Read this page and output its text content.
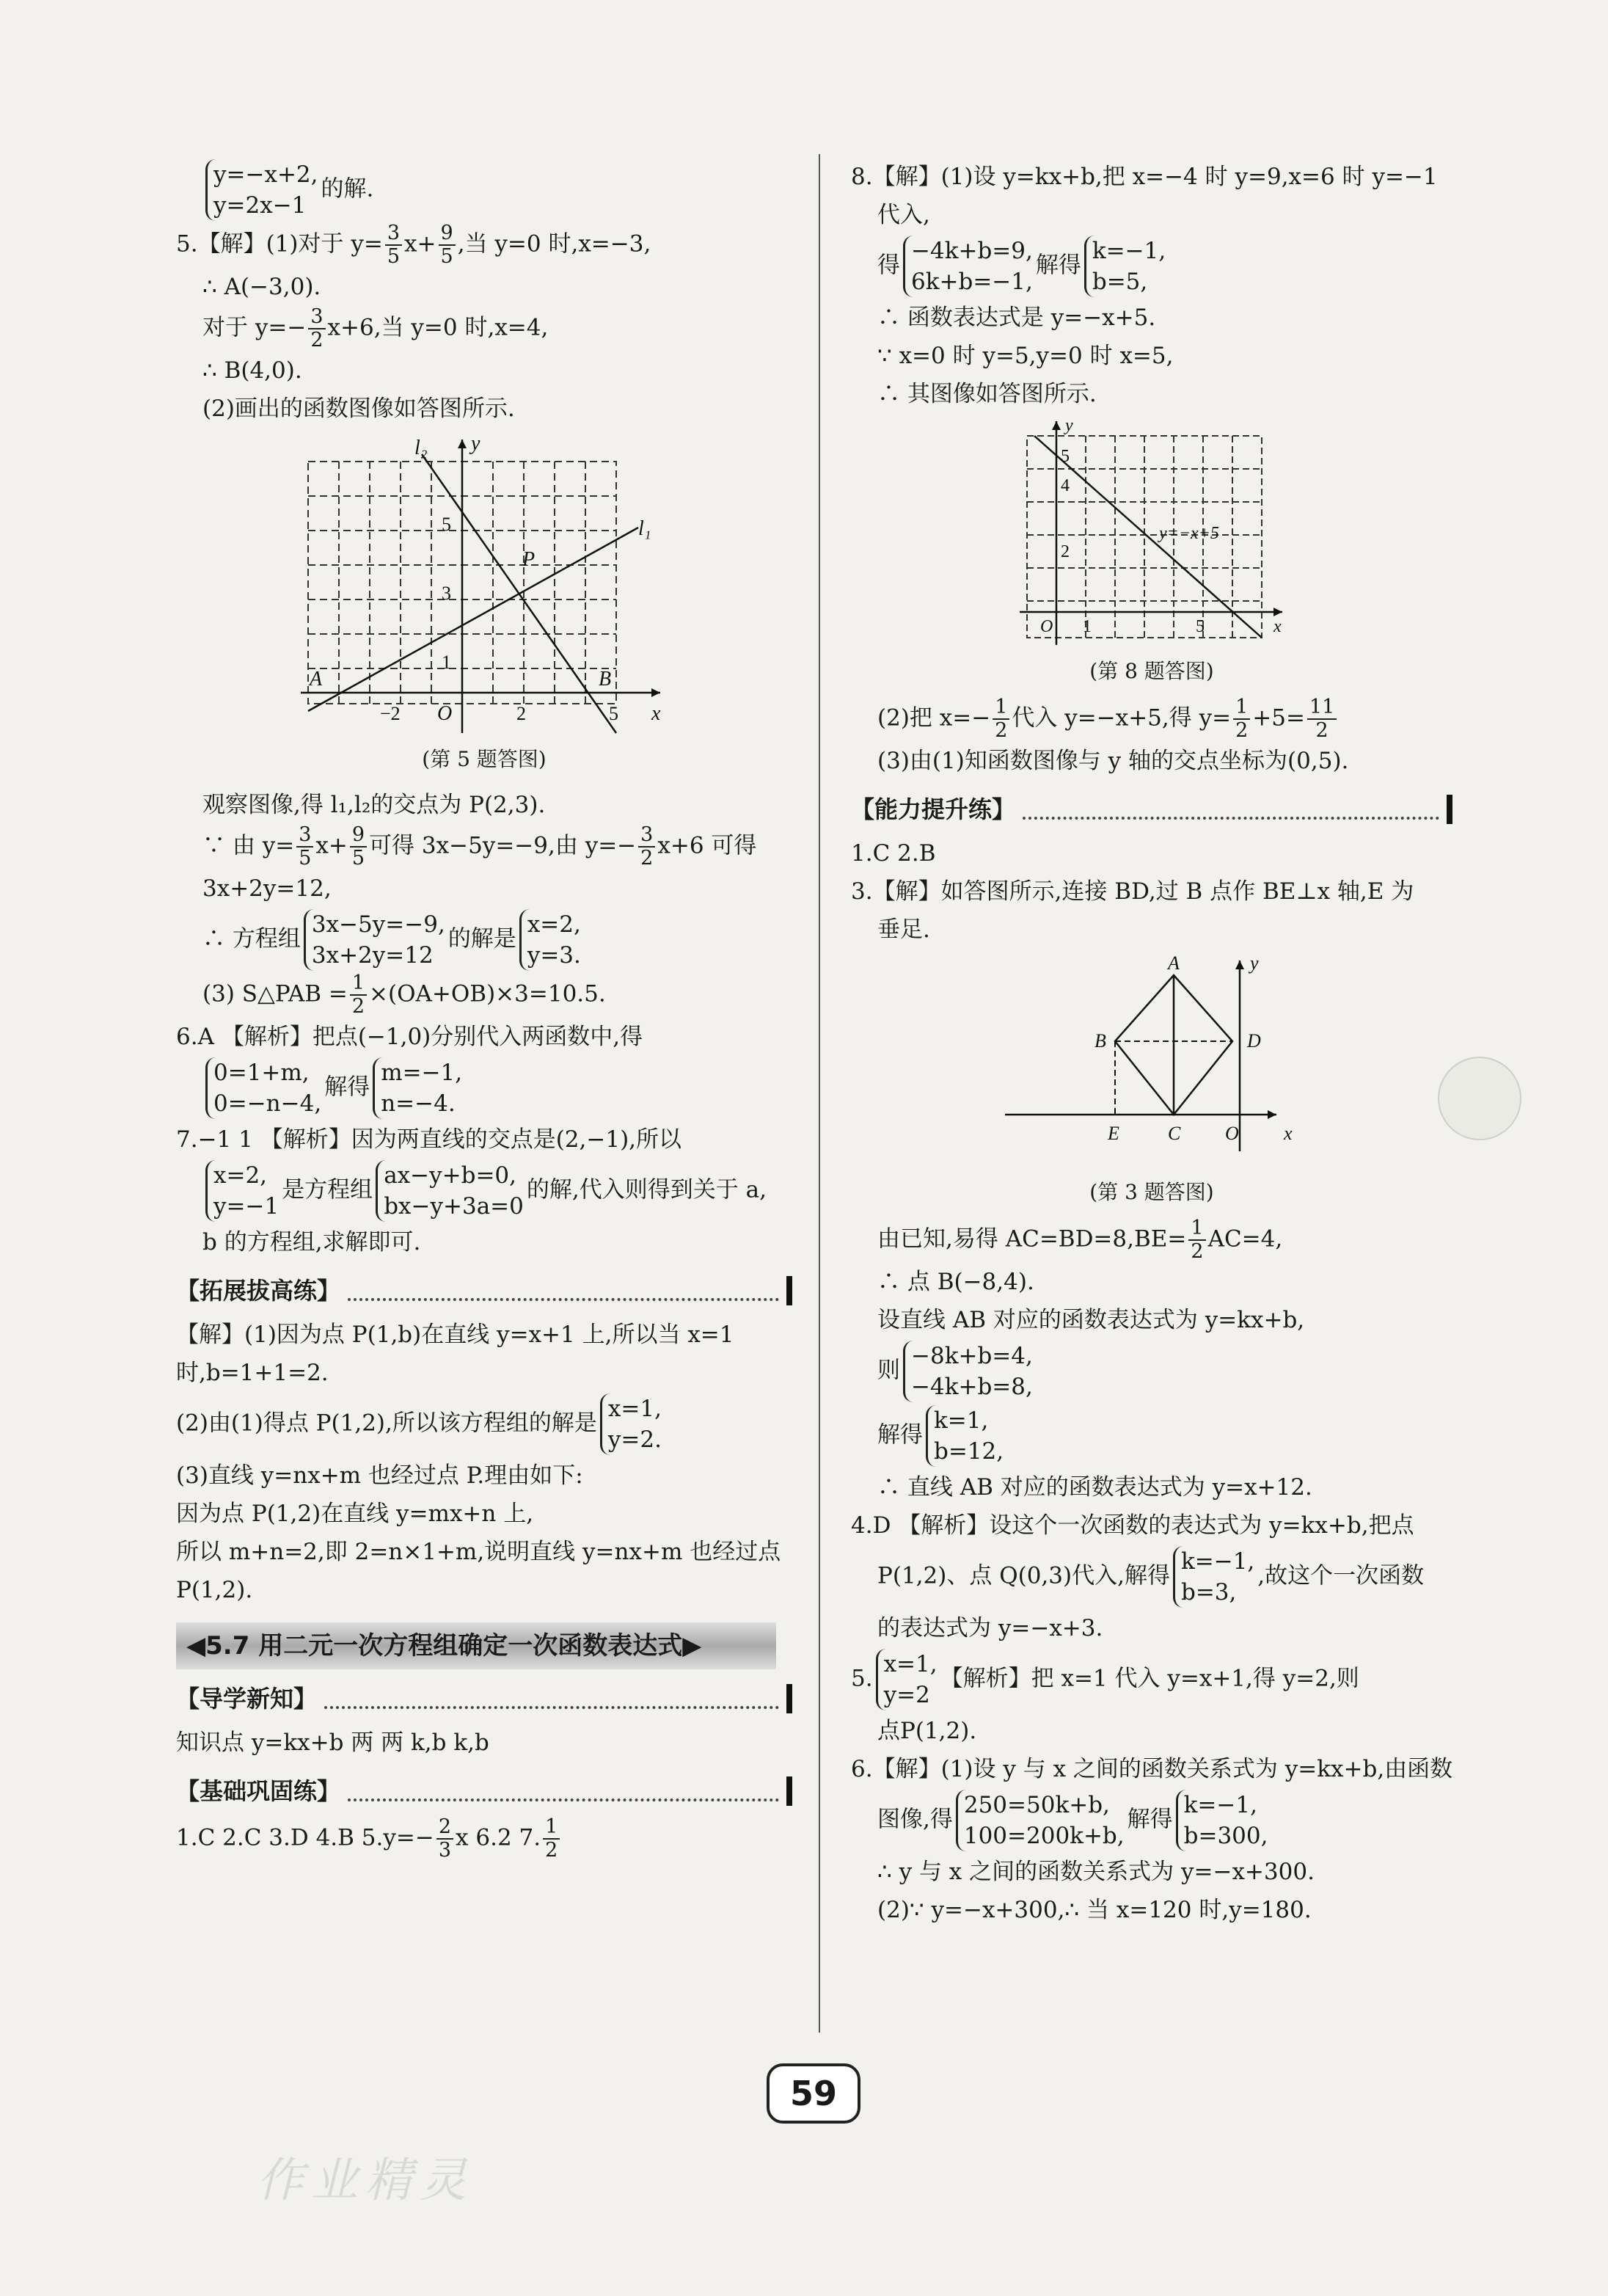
y=−x+2,
y=2x−1
的解.

5.【解】(1)对于 $y= \frac{3}{5} x+ \frac{9}{5}$ ,当 y=0 时,x=−3,

∴ A(−3,0).

对于 $y=- \frac{3}{2} x+6$,当 y=0 时,x=4,

∴ B(4,0).

(2)画出的函数图像如答图所示.

l₁
l₂ y
x
P
A	B
O
5
3
1
−2	2	5

(第 5 题答图)

观察图像,得 l₁,l₂的交点为 P(2,3).

∵ 由 $y= \frac{3}{5} x+ \frac{9}{5}$ 可得 3x−5y=−9,由 $y=- \frac{3}{2} x+6$ 可得

3x+2y=12,

∴ 方程组
3x−5y=−9,
3x+2y=12
的解是
x=2,
y=3.

(3) S△PAB = $\frac{1}{2} \times(OA+OB)\times 3=10.5$.

6.A 【解析】把点(−1,0)分别代入两函数中,得

0=1+m,
0=−n−4,
解得
m=−1,
n=−4.

7.−1 1 【解析】因为两直线的交点是(2,−1),所以

x=2,
y=−1
是方程组
ax−y+b=0,
bx−y+3a=0
的解,代入则得到关于 a,

b 的方程组,求解即可.

【拓展拔高练】

【解】(1)因为点 P(1,b)在直线 y=x+1 上,所以当 x=1

时,b=1+1=2.

(2)由(1)得点 P(1,2),所以该方程组的解是
x=1,
y=2.

(3)直线 y=nx+m 也经过点 P.理由如下:

因为点 P(1,2)在直线 y=mx+n 上,

所以 m+n=2,即 2=n×1+m,说明直线 y=nx+m 也经过点

P(1,2).

◀5.7 用二元一次方程组确定一次函数表达式▶
【导学新知】

知识点 y=kx+b 两 两 k,b k,b

【基础巩固练】

1.C 2.C 3.D 4.B $5.y=- \frac{2}{3}$ x 6.2 7. $\frac{1}{2}$

8.【解】(1)设 y=kx+b,把 x=−4 时 y=9,x=6 时 y=−1

代入,

得
−4k+b=9,
6k+b=−1,
解得
k=−1,
b=5,

∴ 函数表达式是 y=−x+5.

∵ x=0 时 y=5,y=0 时 x=5,

∴ 其图像如答图所示.

y
x
O 1	5
5
4
2
y=−x+5

(第 8 题答图)

(2)把 $x=- \frac{1}{2}$ 代入 y=−x+5,得 $y= \frac{1}{2} +5= \frac{11}{2}$

(3)由(1)知函数图像与 y 轴的交点坐标为(0,5).

【能力提升练】

1.C 2.B

3.【解】如答图所示,连接 BD,过 B 点作 BE⊥x 轴,E 为

垂足.

A
B
C
D
E	O x
y

(第 3 题答图)

由已知,易得 $AC=BD=8,BE= \frac{1}{2} AC=4$,

∴ 点 B(−8,4).

设直线 AB 对应的函数表达式为 y=kx+b,

则
−8k+b=4,
−4k+b=8,

解得
k=1,
b=12,

∴ 直线 AB 对应的函数表达式为 y=x+12.

4.D 【解析】设这个一次函数的表达式为 y=kx+b,把点

P(1,2)、点 Q(0,3)代入,解得
k=−1,
b=3,
,故这个一次函数

的表达式为 y=−x+3.

5.
x=1,
y=2
【解析】把 x=1 代入 y=x+1,得 y=2,则

点P(1,2).

6.【解】(1)设 y 与 x 之间的函数关系式为 y=kx+b,由函数

图像,得
250=50k+b,
100=200k+b,
解得
k=−1,
b=300,

∴ y 与 x 之间的函数关系式为 y=−x+300.

(2)∵ y=−x+300,∴ 当 x=120 时,y=180.

59
作业精灵
